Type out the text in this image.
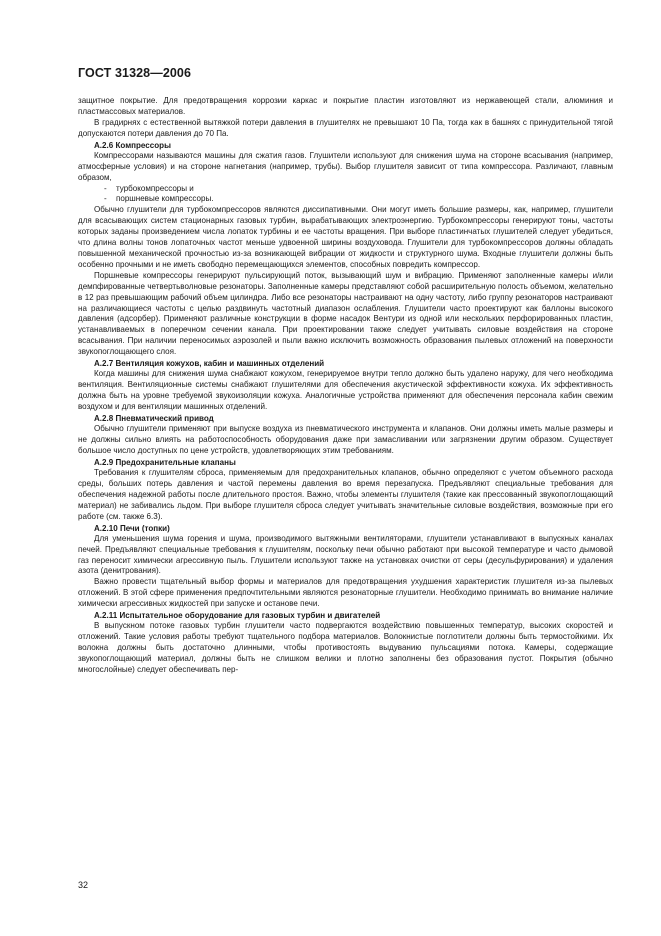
ГОСТ 31328—2006

защитное покрытие. Для предотвращения коррозии каркас и покрытие пластин изготовляют из нержавеющей стали, алюминия и пластмассовых материалов.

В градирнях с естественной вытяжкой потери давления в глушителях не превышают 10 Па, тогда как в башнях с принудительной тягой допускаются потери давления до 70 Па.

А.2.6 Компрессоры

Компрессорами называются машины для сжатия газов. Глушители используют для снижения шума на стороне всасывания (например, атмосферные условия) и на стороне нагнетания (например, трубы). Выбор глушителя зависит от типа компрессора. Различают, главным образом,

- турбокомпрессоры и
- поршневые компрессоры.

Обычно глушители для турбокомпрессоров являются диссипативными. Они могут иметь большие размеры, как, например, глушители для всасывающих систем стационарных газовых турбин, вырабатывающих электроэнергию. Турбокомпрессоры генерируют тоны, частоты которых заданы произведением числа лопаток турбины и ее частоты вращения. При выборе пластинчатых глушителей следует убедиться, что длина волны тонов лопаточных частот меньше удвоенной ширины воздуховода. Глушители для турбокомпрессоров должны обладать повышенной механической прочностью из-за возникающей вибрации от жидкости и структурного шума. Входные глушители должны быть особенно прочными и не иметь свободно перемещающихся элементов, способных повредить компрессор.

Поршневые компрессоры генерируют пульсирующий поток, вызывающий шум и вибрацию. Применяют заполненные камеры и/или демпфированные четвертьволновые резонаторы. Заполненные камеры представляют собой расширительную полость объемом, желательно в 12 раз превышающим рабочий объем цилиндра. Либо все резонаторы настраивают на одну частоту, либо группу резонаторов настраивают на различающиеся частоты с целью раздвинуть частотный диапазон ослабления. Глушители часто проектируют как баллоны высокого давления (адсорбер). Применяют различные конструкции в форме насадок Вентури из одной или нескольких перфорированных пластин, устанавливаемых в поперечном сечении канала. При проектировании также следует учитывать силовые воздействия на стороне всасывания. При наличии переносимых аэрозолей и пыли важно исключить возможность образования пылевых отложений на поверхности звукопоглощающего слоя.

А.2.7 Вентиляция кожухов, кабин и машинных отделений

Когда машины для снижения шума снабжают кожухом, генерируемое внутри тепло должно быть удалено наружу, для чего необходима вентиляция. Вентиляционные системы снабжают глушителями для обеспечения акустической эффективности кожуха. Их эффективность должна быть на уровне требуемой звукоизоляции кожуха. Аналогичные устройства применяют для обеспечения персонала кабин свежим воздухом и для вентиляции машинных отделений.

А.2.8 Пневматический привод

Обычно глушители применяют при выпуске воздуха из пневматического инструмента и клапанов. Они должны иметь малые размеры и не должны сильно влиять на работоспособность оборудования даже при замасливании или загрязнении другим образом. Существует большое число доступных по цене устройств, удовлетворяющих этим требованиям.

А.2.9 Предохранительные клапаны

Требования к глушителям сброса, применяемым для предохранительных клапанов, обычно определяют с учетом объемного расхода среды, больших потерь давления и частой перемены давления во время перезапуска. Предъявляют специальные требования для обеспечения надежной работы после длительного простоя. Важно, чтобы элементы глушителя (такие как прессованный звукопоглощающий материал) не забивались льдом. При выборе глушителя сброса следует учитывать значительные силовые воздействия, возможные при его работе (см. также 6.3).

А.2.10 Печи (топки)

Для уменьшения шума горения и шума, производимого вытяжными вентиляторами, глушители устанавливают в выпускных каналах печей. Предъявляют специальные требования к глушителям, поскольку печи обычно работают при высокой температуре и часто дымовой газ переносит химически агрессивную пыль. Глушители используют также на установках очистки от серы (десульфурирования) и удаления азота (денитрования).

Важно провести тщательный выбор формы и материалов для предотвращения ухудшения характеристик глушителя из-за пылевых отложений. В этой сфере применения предпочтительными являются резонаторные глушители. Необходимо принимать во внимание наличие химически агрессивных жидкостей при запуске и останове печи.

А.2.11 Испытательное оборудование для газовых турбин и двигателей

В выпускном потоке газовых турбин глушители часто подвергаются воздействию повышенных температур, высоких скоростей и отложений. Такие условия работы требуют тщательного подбора материалов. Волокнистые поглотители должны быть термостойкими. Их волокна должны быть достаточно длинными, чтобы противостоять выдуванию пульсациями потока. Камеры, содержащие звукопоглощающий материал, должны быть не слишком велики и плотно заполнены без образования пустот. Покрытия (обычно многослойные) следует обеспечивать пер-

32
